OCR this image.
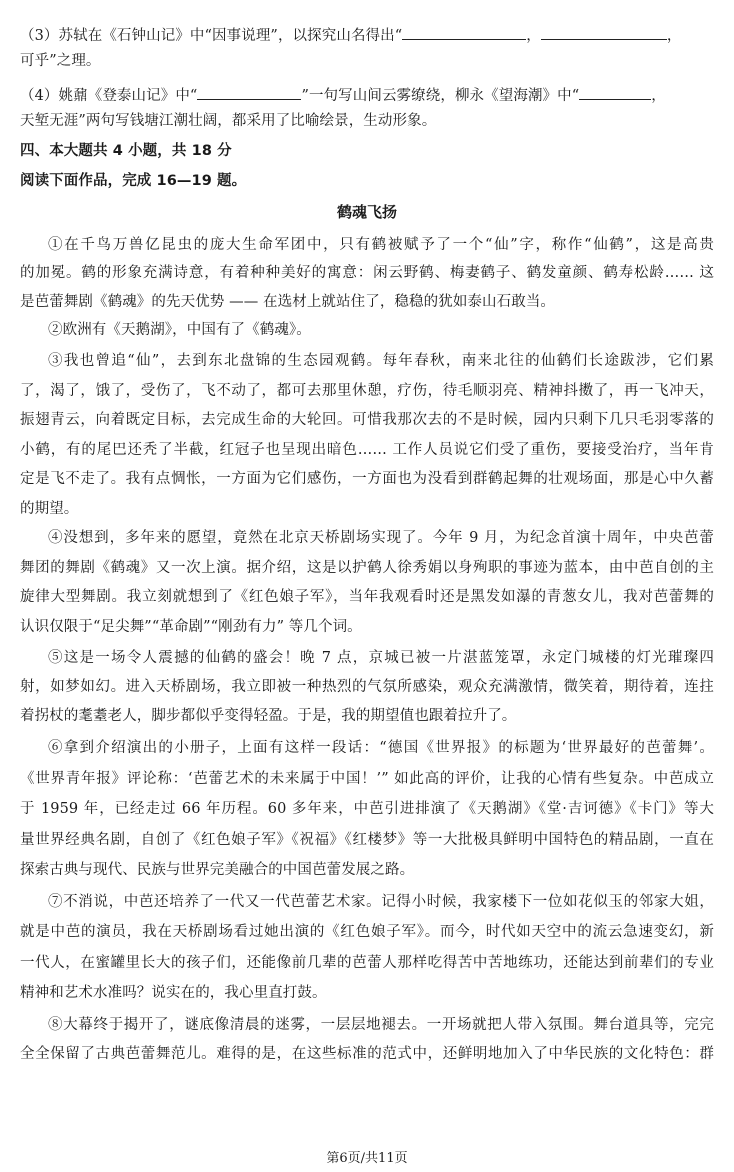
（3）苏轼在《石钟山记》中“因事说理”，以探究山名得出“	，	，
可乎”之理。
（4）姚鼐《登泰山记》中“	”一句写山间云雾缭绕，柳永《望海潮》中“	，
天堑无涯”两句写钱塘江潮壮阔，都采用了比喻绘景，生动形象。
四、本大题共 4 小题，共 18 分
阅读下面作品，完成 16—19 题。
鹤魂飞扬
①在千鸟万兽亿昆虫的庞大生命军团中，只有鹤被赋予了一个“仙”字，称作“仙鹤”，这是高贵
的加冕。鹤的形象充满诗意，有着种种美好的寓意：闲云野鹤、梅妻鹤子、鹤发童颜、鹤寿松龄…… 这
是芭蕾舞剧《鹤魂》的先天优势 —— 在选材上就站住了，稳稳的犹如泰山石敢当。
②欧洲有《天鹅湖》，中国有了《鹤魂》。
③我也曾追“仙”，去到东北盘锦的生态园观鹤。每年春秋，南来北往的仙鹤们长途跋涉，它们累
了，渴了，饿了，受伤了，飞不动了，都可去那里休憩，疗伤，待毛顺羽亮、精神抖擞了，再一飞冲天，
振翅青云，向着既定目标，去完成生命的大轮回。可惜我那次去的不是时候，园内只剩下几只毛羽零落的
小鹤，有的尾巴还秃了半截，红冠子也呈现出暗色…… 工作人员说它们受了重伤，要接受治疗，当年肯
定是飞不走了。我有点惆怅，一方面为它们感伤，一方面也为没看到群鹤起舞的壮观场面，那是心中久蓄
的期望。
④没想到，多年来的愿望，竟然在北京天桥剧场实现了。今年 9 月，为纪念首演十周年，中央芭蕾
舞团的舞剧《鹤魂》又一次上演。据介绍，这是以护鹤人徐秀娟以身殉职的事迹为蓝本，由中芭自创的主
旋律大型舞剧。我立刻就想到了《红色娘子军》，当年我观看时还是黑发如瀑的青葱女儿，我对芭蕾舞的
认识仅限于“足尖舞”“革命剧”“刚劲有力” 等几个词。
⑤这是一场令人震撼的仙鹤的盛会！晚 7 点，京城已被一片湛蓝笼罩，永定门城楼的灯光璀璨四
射，如梦如幻。进入天桥剧场，我立即被一种热烈的气氛所感染，观众充满激情，微笑着，期待着，连拄
着拐杖的耄耋老人，脚步都似乎变得轻盈。于是，我的期望值也跟着拉升了。
⑥拿到介绍演出的小册子，上面有这样一段话：“德国《世界报》的标题为‘世界最好的芭蕾舞’。
《世界青年报》评论称：‘芭蕾艺术的未来属于中国！’” 如此高的评价，让我的心情有些复杂。中芭成立
于 1959 年，已经走过 66 年历程。60 多年来，中芭引进排演了《天鹅湖》《堂·吉诃德》《卡门》等大
量世界经典名剧，自创了《红色娘子军》《祝福》《红楼梦》等一大批极具鲜明中国特色的精品剧，一直在
探索古典与现代、民族与世界完美融合的中国芭蕾发展之路。
⑦不消说，中芭还培养了一代又一代芭蕾艺术家。记得小时候，我家楼下一位如花似玉的邻家大姐，
就是中芭的演员，我在天桥剧场看过她出演的《红色娘子军》。而今，时代如天空中的流云急速变幻，新
一代人，在蜜罐里长大的孩子们，还能像前几辈的芭蕾人那样吃得苦中苦地练功，还能达到前辈们的专业
精神和艺术水准吗？说实在的，我心里直打鼓。
⑧大幕终于揭开了，谜底像清晨的迷雾，一层层地褪去。一开场就把人带入氛围。舞台道具等，完完
全全保留了古典芭蕾舞范儿。难得的是，在这些标准的范式中，还鲜明地加入了中华民族的文化特色：群
第6页/共11页
